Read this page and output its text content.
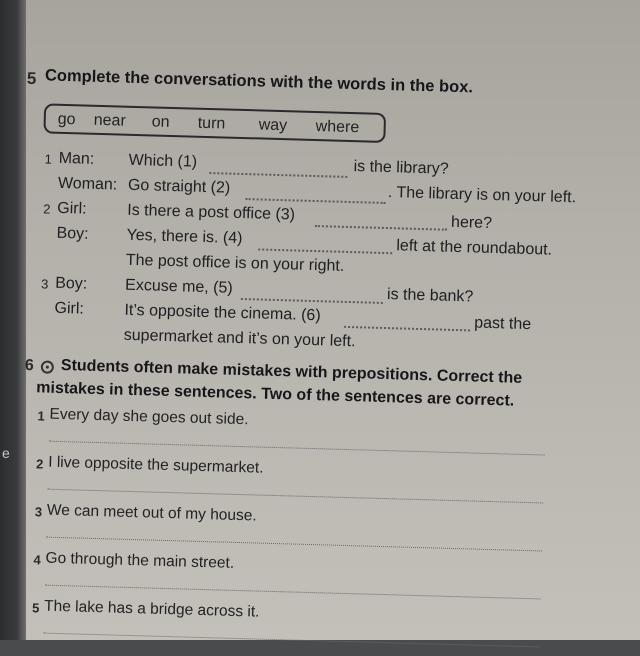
e
5 Complete the conversations with the words in the box.
go near on turn way where
1 Man: Which (1)	is the library?
Woman: Go straight (2)	. The library is on your left.
2 Girl:	Is there a post office (3)	here?
Boy: Yes, there is. (4)
left at the roundabout.
The post office is on your right.
3 Boy: Excuse me, (5)	is the bank?
Girl:	It’s opposite the cinema. (6)	past the
supermarket and it’s on your left.
6 Students often make mistakes with prepositions. Correct the
mistakes in these sentences. Two of the sentences are correct.
1 Every day she goes out side.
2 I live opposite the supermarket.
3 We can meet out of my house.
4 Go through the main street.
5 The lake has a bridge across it.
